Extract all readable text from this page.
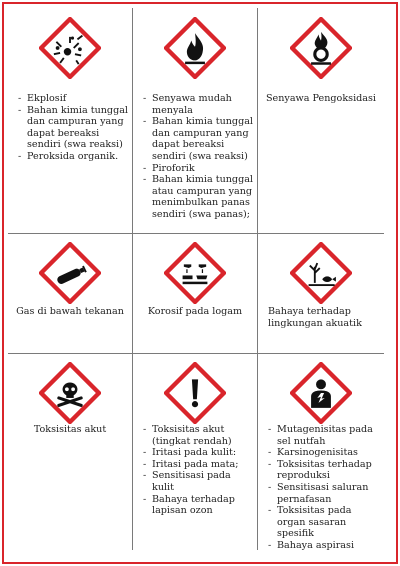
- Ekplosif
- Bahan kimia tunggal dan campuran yang dapat bereaksi sendiri (swa reaksi)
- Peroksida organik.
- Senyawa mudah menyala
- Bahan kimia tunggal dan campuran yang dapat bereaksi sendiri (swa reaksi)
- Piroforik
- Bahan kimia tunggal atau campuran yang menimbulkan panas sendiri (swa panas);
Senyawa Pengoksidasi
Gas di bawah tekanan	Korosif pada logam	Bahaya terhadap lingkungan akuatik
Toksisitas akut
-	Toksisitas akut (tingkat rendah)
- Iritasi pada kulit:
- Iritasi pada mata;
- Sensitisasi pada kulit
- Bahaya terhadap lapisan ozon
- Mutagenisitas pada sel nutfah
- Karsinogenisitas
- Toksisitas terhadap reproduksi
- Sensitisasi saluran pernafasan
- Toksisitas pada organ sasaran spesifik
- Bahaya aspirasi
